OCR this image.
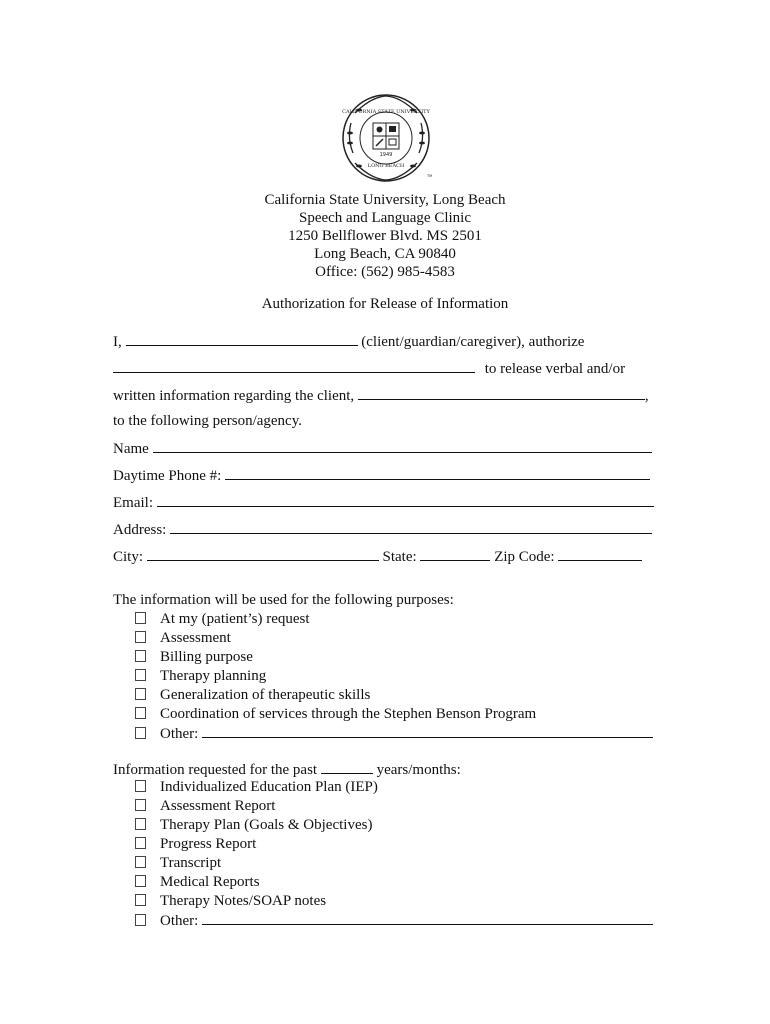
1949
CALIFORNIA STATE UNIVERSITY
LONG BEACH
TM
California State University, Long Beach
Speech and Language Clinic
1250 Bellflower Blvd. MS 2501
Long Beach, CA 90840
Office: (562) 985-4583
Authorization for Release of Information
I,	(client/guardian/caregiver), authorize
to release verbal and/or
written information regarding the client,	,
to the following person/agency.
Name
Daytime Phone #:
Email:
Address:
City:	State:	Zip Code:
The information will be used for the following purposes:
At my (patient’s) request
Assessment
Billing purpose
Therapy planning
Generalization of therapeutic skills
Coordination of services through the Stephen Benson Program
Other:
Information requested for the past	years/months:
Individualized Education Plan (IEP)
Assessment Report
Therapy Plan (Goals & Objectives)
Progress Report
Transcript
Medical Reports
Therapy Notes/SOAP notes
Other:
